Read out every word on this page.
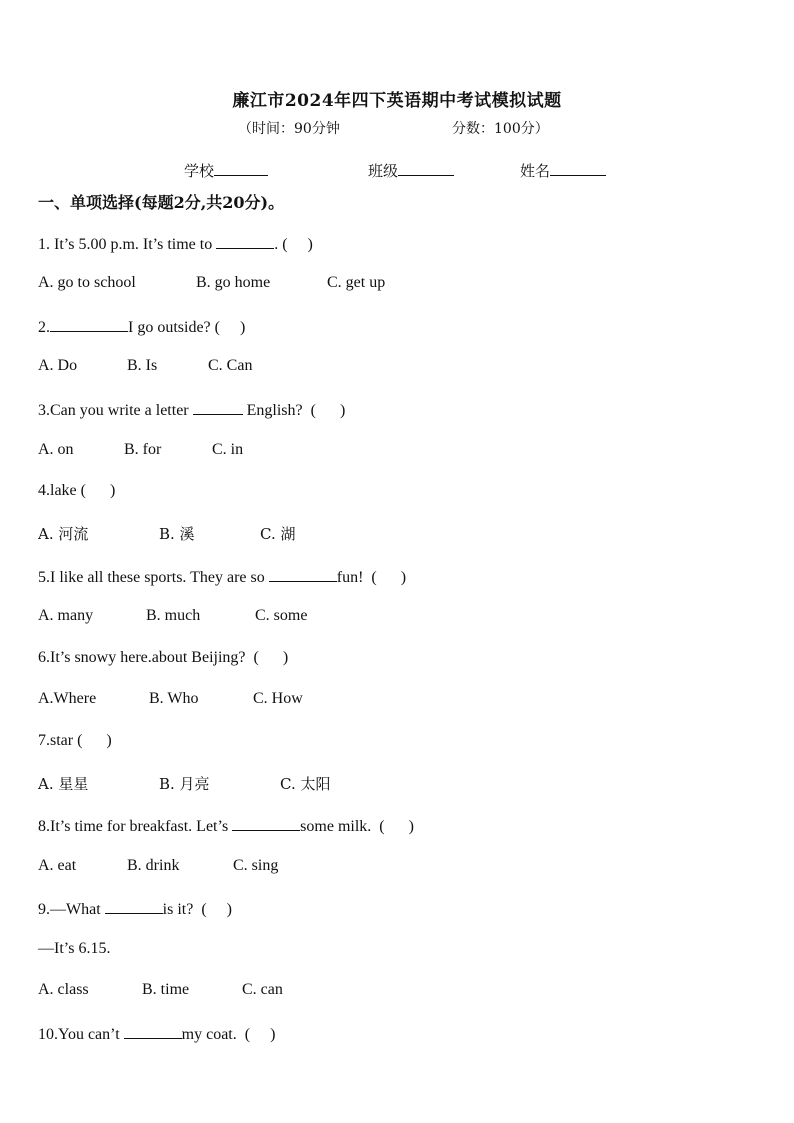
廉江市2024年四下英语期中考试模拟试题
（时间：90分钟	分数：100分）
学校	班级	姓名
一、单项选择(每题2分,共20分)。
1. It’s 5.00 p.m. It’s time to	. (     )
A. go to school	B. go home	C. get up
2.	I go outside? (     )
A. Do	B. Is	C. Can
3.Can you write a letter	English?  (      )
A. on	B. for	C. in
4.lake (      )
A. 河流	B. 溪	C. 湖
5.I like all these sports. They are so	fun!  (      )
A. many	B. much	C. some
6.It’s snowy here.about Beijing?  (      )
A.Where	B. Who	C. How
7.star (      )
A. 星星	B. 月亮	C. 太阳
8.It’s time for breakfast. Let’s	some milk.  (      )
A. eat	B. drink	C. sing
9.—What	is it?  (     )
—It’s 6.15.
A. class	B. time	C. can
10.You can’t	my coat.  (     )
